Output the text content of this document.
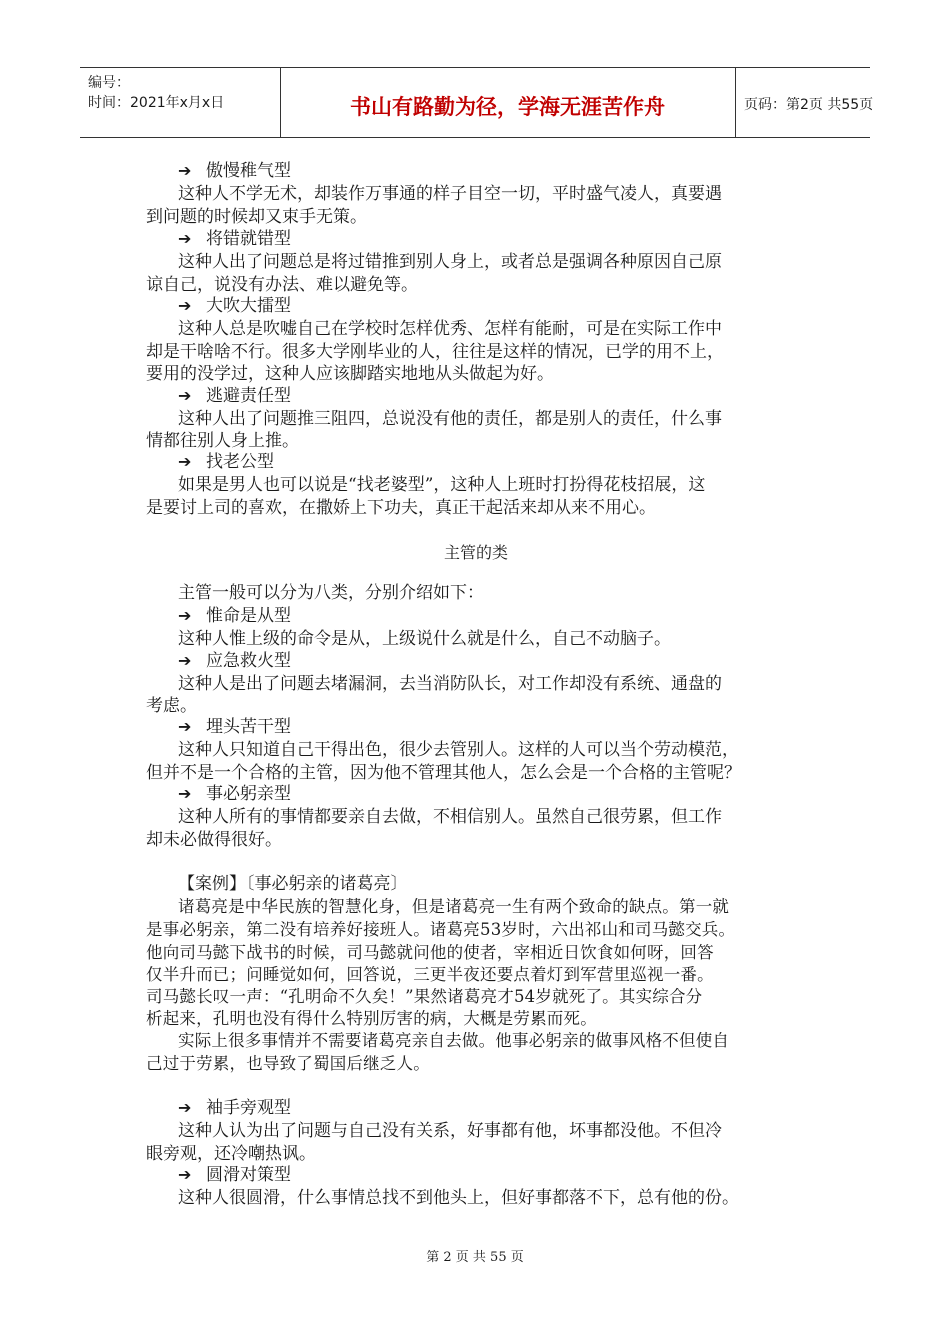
编号：
时间：2021年x月x日	书山有路勤为径，学海无涯苦作舟	页码：第2页 共55页
➔ 傲慢稚气型
这种人不学无术，却装作万事通的样子目空一切，平时盛气凌人，真要遇
到问题的时候却又束手无策。
➔ 将错就错型
这种人出了问题总是将过错推到别人身上，或者总是强调各种原因自己原
谅自己，说没有办法、难以避免等。
➔ 大吹大擂型
这种人总是吹嘘自己在学校时怎样优秀、怎样有能耐，可是在实际工作中
却是干啥啥不行。很多大学刚毕业的人，往往是这样的情况，已学的用不上，
要用的没学过，这种人应该脚踏实地地从头做起为好。
➔ 逃避责任型
这种人出了问题推三阻四，总说没有他的责任，都是别人的责任，什么事
情都往别人身上推。
➔ 找老公型
如果是男人也可以说是“找老婆型”，这种人上班时打扮得花枝招展，这
是要讨上司的喜欢，在撒娇上下功夫，真正干起活来却从来不用心。
主管的类
主管一般可以分为八类，分别介绍如下：
➔ 惟命是从型
这种人惟上级的命令是从，上级说什么就是什么，自己不动脑子。
➔ 应急救火型
这种人是出了问题去堵漏洞，去当消防队长，对工作却没有系统、通盘的
考虑。
➔ 埋头苦干型
这种人只知道自己干得出色，很少去管别人。这样的人可以当个劳动模范，
但并不是一个合格的主管，因为他不管理其他人，怎么会是一个合格的主管呢？
➔ 事必躬亲型
这种人所有的事情都要亲自去做，不相信别人。虽然自己很劳累，但工作
却未必做得很好。
【案例】〔事必躬亲的诸葛亮〕
诸葛亮是中华民族的智慧化身，但是诸葛亮一生有两个致命的缺点。第一就
是事必躬亲，第二没有培养好接班人。诸葛亮53岁时，六出祁山和司马懿交兵。
他向司马懿下战书的时候，司马懿就问他的使者，宰相近日饮食如何呀，回答
仅半升而已；问睡觉如何，回答说，三更半夜还要点着灯到军营里巡视一番。
司马懿长叹一声：“孔明命不久矣！”果然诸葛亮才54岁就死了。其实综合分
析起来，孔明也没有得什么特别厉害的病，大概是劳累而死。
实际上很多事情并不需要诸葛亮亲自去做。他事必躬亲的做事风格不但使自
己过于劳累，也导致了蜀国后继乏人。
➔ 袖手旁观型
这种人认为出了问题与自己没有关系，好事都有他，坏事都没他。不但冷
眼旁观，还冷嘲热讽。
➔ 圆滑对策型
这种人很圆滑，什么事情总找不到他头上，但好事都落不下，总有他的份。
第 2 页 共 55 页
